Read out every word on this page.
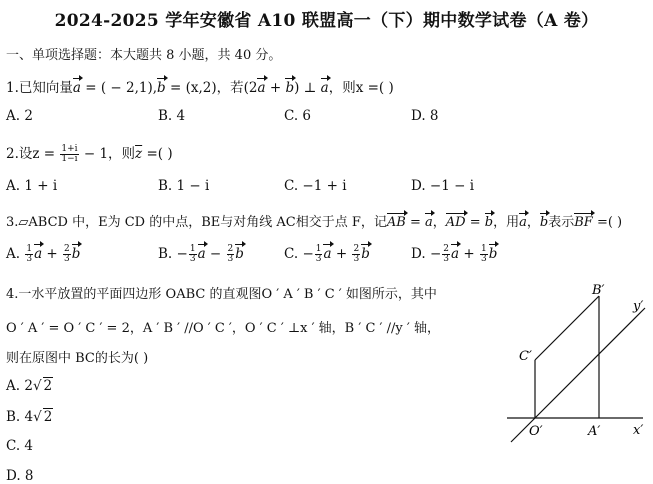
2024-2025 学年安徽省 A10 联盟高一（下）期中数学试卷（A 卷）
一、单项选择题：本大题共 8 小题，共 40 分。
1.已知向量a = ( − 2,1),b = (x,2)，若(2a + b) ⊥ a，则x =( )
A. 2	B. 4	C. 6	D. 8
2.设$z = \frac{1+i}{1-i} - 1$，则$\overline{z}$ =( )
A. 1 + i	B. 1 − i	C. −1 + i	D. −1 − i
3.▱ABCD 中，E为 CD 的中点，BE与对角线 AC相交于点 F，记AB = a，AD = b，用a，b表示BF =( )
A. $\frac{1}{3}$ $a + \frac{2}{3}$ b	B. − $\frac{1}{3}$ $a - \frac{2}{3}$ b	C. − $\frac{1}{3}$ $a + \frac{2}{3}$ b	D. − $\frac{2}{3}$ $a + \frac{1}{3}$ b
4.一水平放置的平面四边形 OABC 的直观图O ′ A ′ B ′ C ′ 如图所示，其中
O ′ A ′ = O ′ C ′ = 2，A ′ B ′ //O ′ C ′，O ′ C ′ ⊥x ′ 轴，B ′ C ′ //y ′ 轴，
则在原图中 BC的长为( )
A. 2√ 2
B. 4√ 2
C. 4
D. 8
B′
C′
O′	A′	x′
y′
